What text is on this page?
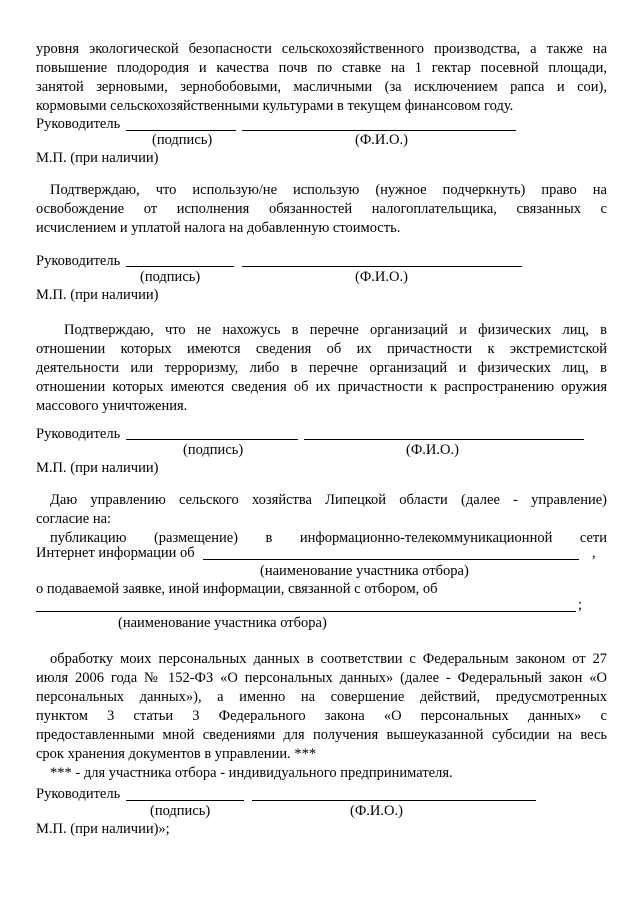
уровня экологической безопасности сельскохозяйственного производства, а также на
повышение плодородия и качества почв по ставке на 1 гектар посевной площади,
занятой зерновыми, зернобобовыми, масличными (за исключением рапса и сои),
кормовыми сельскохозяйственными культурами в текущем финансовом году.
Руководитель
(подпись)	(Ф.И.О.)
М.П. (при наличии)
Подтверждаю, что использую/не использую (нужное подчеркнуть) право на
освобождение от исполнения обязанностей налогоплательщика, связанных с
исчислением и уплатой налога на добавленную стоимость.
Руководитель
(подпись)	(Ф.И.О.)
М.П. (при наличии)
Подтверждаю, что не нахожусь в перечне организаций и физических лиц, в
отношении которых имеются сведения об их причастности к экстремистской
деятельности или терроризму, либо в перечне организаций и физических лиц, в
отношении которых имеются сведения об их причастности к распространению оружия
массового уничтожения.
Руководитель
(подпись)	(Ф.И.О.)
М.П. (при наличии)
Даю управлению сельского хозяйства Липецкой области (далее - управление)
согласие на:
публикацию (размещение) в информационно-телекоммуникационной сети
Интернет информации об	,
(наименование участника отбора)
о подаваемой заявке, иной информации, связанной с отбором, об
;
(наименование участника отбора)
обработку моих персональных данных в соответствии с Федеральным законом от 27
июля 2006 года № 152-ФЗ «О персональных данных» (далее - Федеральный закон «О
персональных данных»), а именно на совершение действий, предусмотренных
пунктом 3 статьи 3 Федерального закона «О персональных данных» с
предоставленными мной сведениями для получения вышеуказанной субсидии на весь
срок хранения документов в управлении. ***
*** - для участника отбора - индивидуального предпринимателя.
Руководитель
(подпись)	(Ф.И.О.)
М.П. (при наличии)»;
